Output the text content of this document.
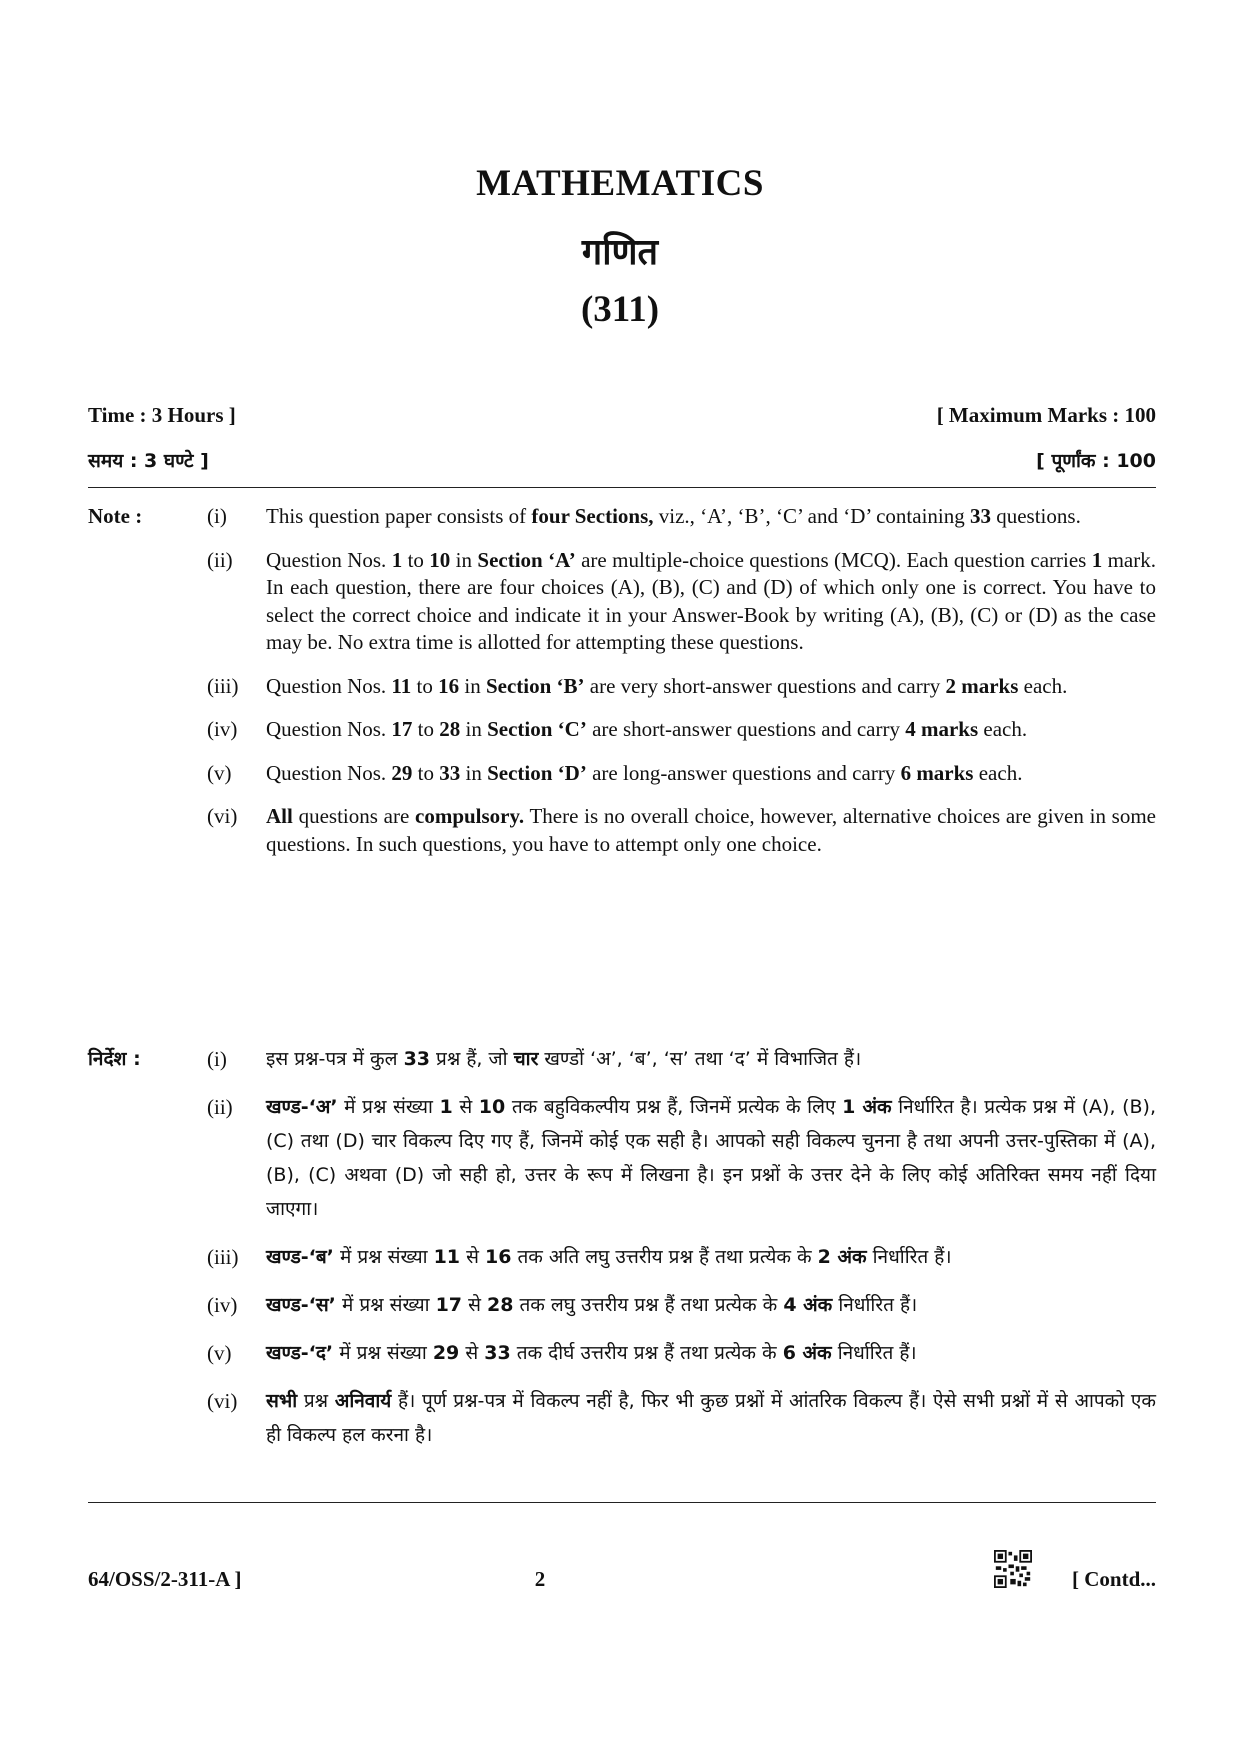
MATHEMATICS
गणित
(311)
Time : 3 Hours ]	[ Maximum Marks : 100
समय : 3 घण्टे ]	[ पूर्णांक : 100
Note :	(i) This question paper consists of four Sections, viz., ‘A’, ‘B’, ‘C’ and ‘D’ containing 33 questions.
(ii) Question Nos. 1 to 10 in Section ‘A’ are multiple-choice questions (MCQ). Each question carries 1 mark. In each question, there are four choices (A), (B), (C) and (D) of which only one is correct. You have to select the correct choice and indicate it in your Answer-Book by writing (A), (B), (C) or (D) as the case may be. No extra time is allotted for attempting these questions.
(iii) Question Nos. 11 to 16 in Section ‘B’ are very short-answer questions and carry 2 marks each.
(iv) Question Nos. 17 to 28 in Section ‘C’ are short-answer questions and carry 4 marks each.
(v) Question Nos. 29 to 33 in Section ‘D’ are long-answer questions and carry 6 marks each.
(vi) All questions are compulsory. There is no overall choice, however, alternative choices are given in some questions. In such questions, you have to attempt only one choice.
निर्देश :	(i) इस प्रश्न-पत्र में कुल 33 प्रश्न हैं, जो चार खण्डों ‘अ’, ‘ब’, ‘स’ तथा ‘द’ में विभाजित हैं।
(ii) खण्ड-‘अ’ में प्रश्न संख्या 1 से 10 तक बहुविकल्पीय प्रश्न हैं, जिनमें प्रत्येक के लिए 1 अंक निर्धारित है। प्रत्येक प्रश्न में (A), (B), (C) तथा (D) चार विकल्प दिए गए हैं, जिनमें कोई एक सही है। आपको सही विकल्प चुनना है तथा अपनी उत्तर-पुस्तिका में (A), (B), (C) अथवा (D) जो सही हो, उत्तर के रूप में लिखना है। इन प्रश्नों के उत्तर देने के लिए कोई अतिरिक्त समय नहीं दिया जाएगा।
(iii) खण्ड-‘ब’ में प्रश्न संख्या 11 से 16 तक अति लघु उत्तरीय प्रश्न हैं तथा प्रत्येक के 2 अंक निर्धारित हैं।
(iv) खण्ड-‘स’ में प्रश्न संख्या 17 से 28 तक लघु उत्तरीय प्रश्न हैं तथा प्रत्येक के 4 अंक निर्धारित हैं।
(v) खण्ड-‘द’ में प्रश्न संख्या 29 से 33 तक दीर्घ उत्तरीय प्रश्न हैं तथा प्रत्येक के 6 अंक निर्धारित हैं।
(vi) सभी प्रश्न अनिवार्य हैं। पूर्ण प्रश्न-पत्र में विकल्प नहीं है, फिर भी कुछ प्रश्नों में आंतरिक विकल्प हैं। ऐसे सभी प्रश्नों में से आपको एक ही विकल्प हल करना है।
64/OSS/2-311-A ]	2	[ Contd...
